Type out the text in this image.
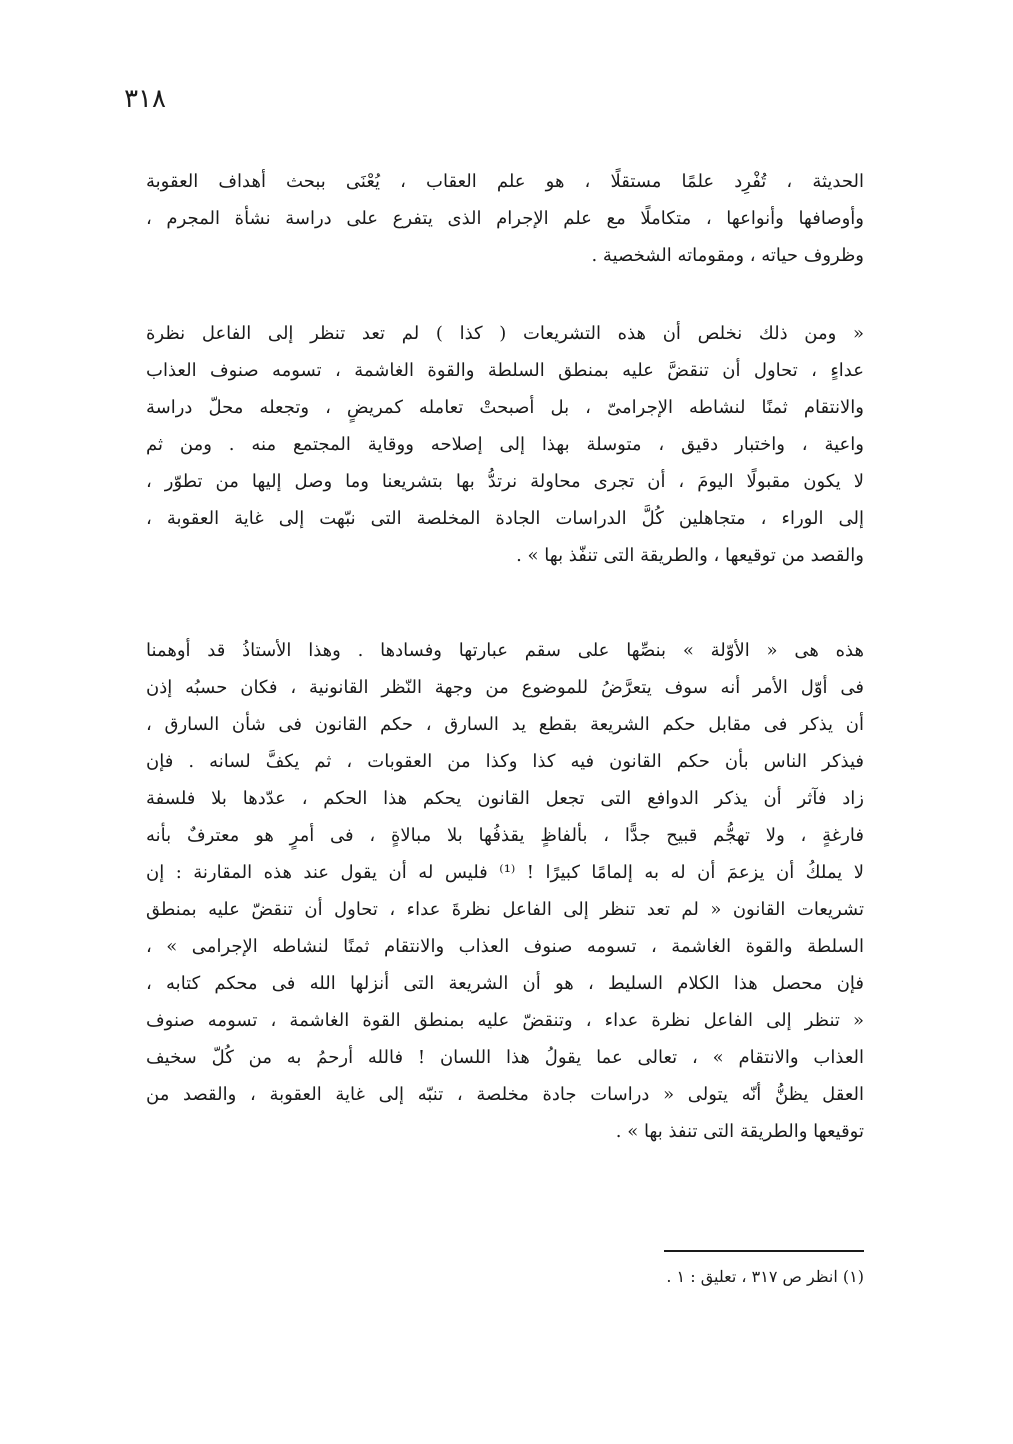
٣١٨
الحديثة ، تُفْرِد علمًا مستقلًا ، هو علم العقاب ، يُعْنَى ببحث أهداف العقوبة
وأوصافها وأنواعها ، متكاملًا مع علم الإجرام الذى يتفرع على دراسة نشأة المجرم ،
وظروف حياته ، ومقوماته الشخصية .
« ومن ذلك نخلص أن هذه التشريعات ( كذا ) لم تعد تنظر إلى الفاعل نظرة
عداءٍ ، تحاول أن تنقضَّ عليه بمنطق السلطة والقوة الغاشمة ، تسومه صنوف العذاب
والانتقام ثمنًا لنشاطه الإجرامىّ ، بل أصبحتْ تعامله كمريضٍ ، وتجعله محلّ دراسة
واعية ، واختبار دقيق ، متوسلة بهذا إلى إصلاحه ووقاية المجتمع منه . ومن ثم
لا يكون مقبولًا اليومَ ، أن تجرى محاولة نرتدُّ بها بتشريعنا وما وصل إليها من تطوّر ،
إلى الوراء ، متجاهلين كُلَّ الدراسات الجادة المخلصة التى نبّهت إلى غاية العقوبة ،
والقصد من توقيعها ، والطريقة التى تنفّذ بها » .
هذه هى « الأوّلة » بنصِّها على سقم عبارتها وفسادها . وهذا الأستاذُ قد أوهمنا
فى أوّل الأمر أنه سوف يتعرَّضُ للموضوع من وجهة النّظر القانونية ، فكان حسبُه إذن
أن يذكر فى مقابل حكم الشريعة بقطع يد السارق ، حكم القانون فى شأن السارق ،
فيذكر الناس بأن حكم القانون فيه كذا وكذا من العقوبات ، ثم يكفَّ لسانه . فإن
زاد فآثر أن يذكر الدوافع التى تجعل القانون يحكم هذا الحكم ، عدّدها بلا فلسفة
فارغةٍ ، ولا تهجُّم قبيح جدًّا ، بألفاظٍ يقذفُها بلا مبالاةٍ ، فى أمرٍ هو معترفٌ بأنه
لا يملكُ أن يزعمَ أن له به إلمامًا كبيرًا ! ⁽¹⁾ فليس له أن يقول عند هذه المقارنة : إن
تشريعات القانون « لم تعد تنظر إلى الفاعل نظرةَ عداء ، تحاول أن تنقضّ عليه بمنطق
السلطة والقوة الغاشمة ، تسومه صنوف العذاب والانتقام ثمنًا لنشاطه الإجرامى » ،
فإن محصل هذا الكلام السليط ، هو أن الشريعة التى أنزلها الله فى محكم كتابه ،
« تنظر إلى الفاعل نظرة عداء ، وتنقضّ عليه بمنطق القوة الغاشمة ، تسومه صنوف
العذاب والانتقام » ، تعالى عما يقولُ هذا اللسان ! فالله أرحمُ به من كُلّ سخيف
العقل يظنُّ أنّه يتولى « دراسات جادة مخلصة ، تنبّه إلى غاية العقوبة ، والقصد من
توقيعها والطريقة التى تنفذ بها » .
(١) انظر ص ٣١٧ ، تعليق : ١ .
